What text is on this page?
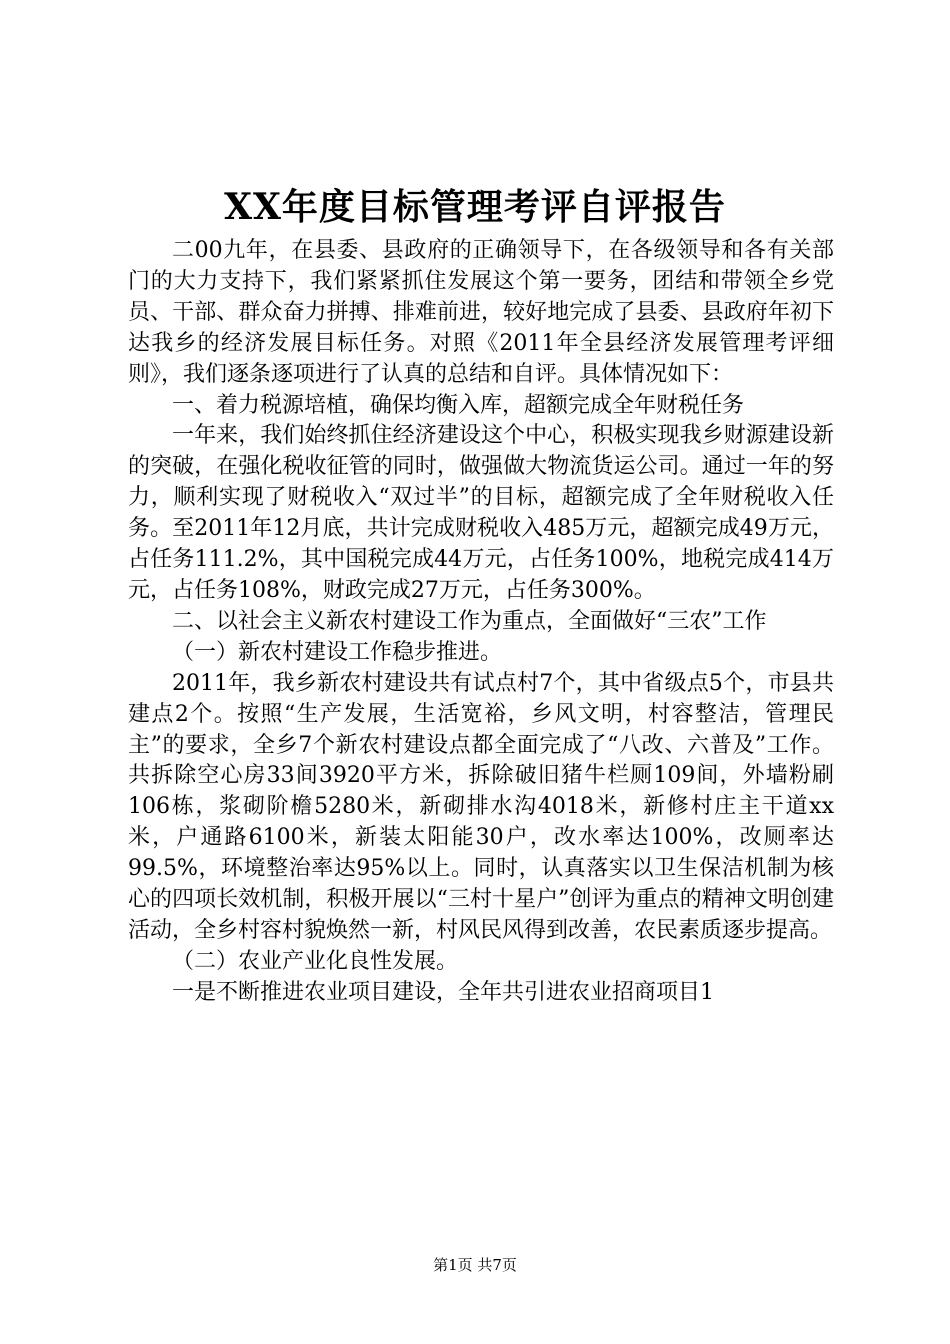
XX年度目标管理考评自评报告

二00九年，在县委、县政府的正确领导下，在各级领导和各有关部门的大力支持下，我们紧紧抓住发展这个第一要务，团结和带领全乡党员、干部、群众奋力拼搏、排难前进，较好地完成了县委、县政府年初下达我乡的经济发展目标任务。对照《2011年全县经济发展管理考评细则》，我们逐条逐项进行了认真的总结和自评。具体情况如下：

一、着力税源培植，确保均衡入库，超额完成全年财税任务

一年来，我们始终抓住经济建设这个中心，积极实现我乡财源建设新的突破，在强化税收征管的同时，做强做大物流货运公司。通过一年的努力，顺利实现了财税收入“双过半”的目标，超额完成了全年财税收入任务。至2011年12月底，共计完成财税收入485万元，超额完成49万元，占任务111.2%，其中国税完成44万元，占任务100%，地税完成414万元，占任务108%，财政完成27万元，占任务300%。

二、以社会主义新农村建设工作为重点，全面做好“三农”工作

（一）新农村建设工作稳步推进。

2011年，我乡新农村建设共有试点村7个，其中省级点5个，市县共建点2个。按照“生产发展，生活宽裕，乡风文明，村容整洁，管理民主”的要求，全乡7个新农村建设点都全面完成了“八改、六普及”工作。共拆除空心房33间3920平方米，拆除破旧猪牛栏厕109间，外墙粉刷106栋，浆砌阶檐5280米，新砌排水沟4018米，新修村庄主干道xx米，户通路6100米，新装太阳能30户，改水率达100%，改厕率达99.5%，环境整治率达95%以上。同时，认真落实以卫生保洁机制为核心的四项长效机制，积极开展以“三村十星户”创评为重点的精神文明创建活动，全乡村容村貌焕然一新，村风民风得到改善，农民素质逐步提高。

（二）农业产业化良性发展。

一是不断推进农业项目建设，全年共引进农业招商项目1

第1页 共7页
